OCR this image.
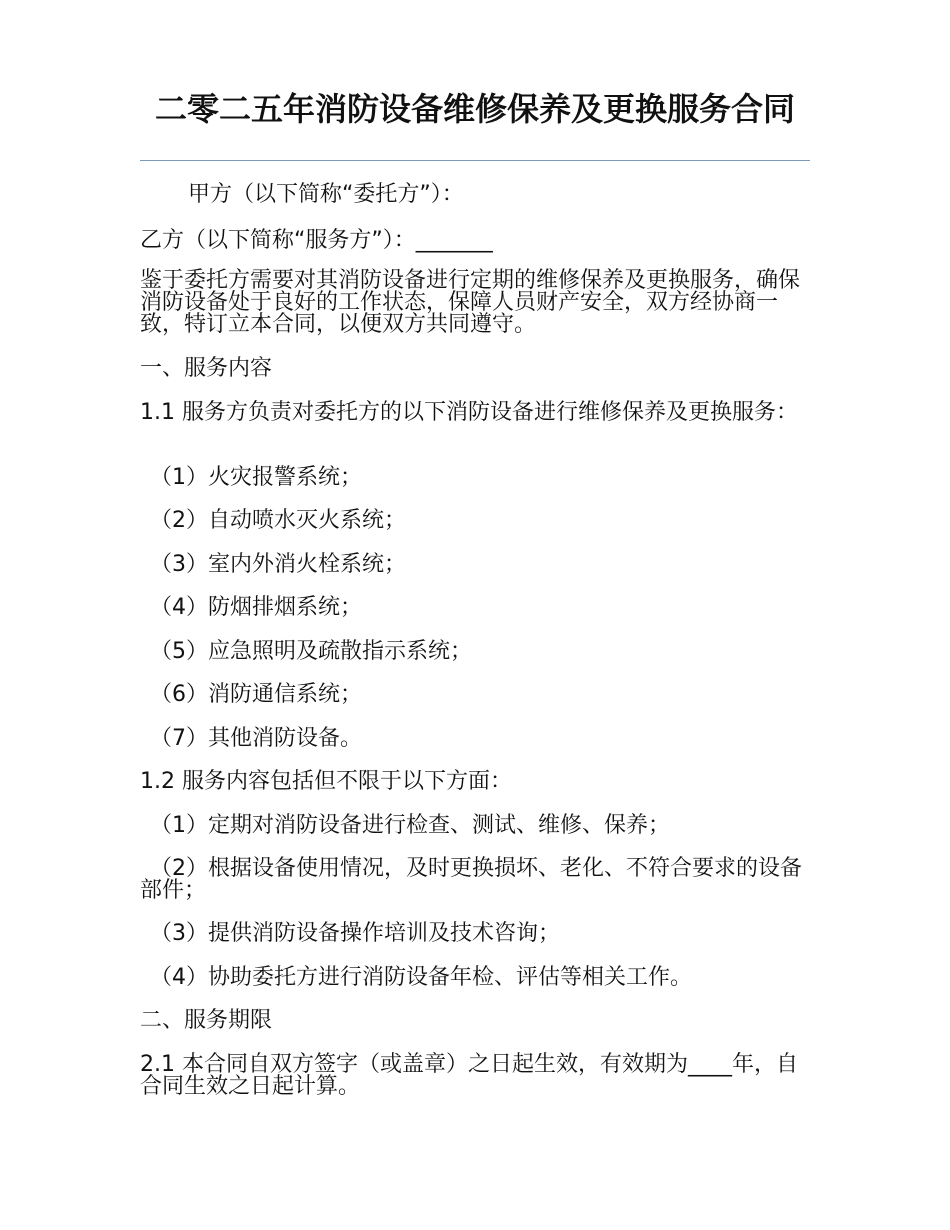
二零二五年消防设备维修保养及更换服务合同
甲方（以下简称“委托方”）：
乙方（以下简称“服务方”）：_______
鉴于委托方需要对其消防设备进行定期的维修保养及更换服务，确保消防设备处于良好的工作状态，保障人员财产安全，双方经协商一致，特订立本合同，以便双方共同遵守。
一、服务内容
1.1 服务方负责对委托方的以下消防设备进行维修保养及更换服务：
（1）火灾报警系统；
（2）自动喷水灭火系统；
（3）室内外消火栓系统；
（4）防烟排烟系统；
（5）应急照明及疏散指示系统；
（6）消防通信系统；
（7）其他消防设备。
1.2 服务内容包括但不限于以下方面：
（1）定期对消防设备进行检查、测试、维修、保养；
（2）根据设备使用情况，及时更换损坏、老化、不符合要求的设备部件；
（3）提供消防设备操作培训及技术咨询；
（4）协助委托方进行消防设备年检、评估等相关工作。
二、服务期限
2.1 本合同自双方签字（或盖章）之日起生效，有效期为____年，自合同生效之日起计算。
